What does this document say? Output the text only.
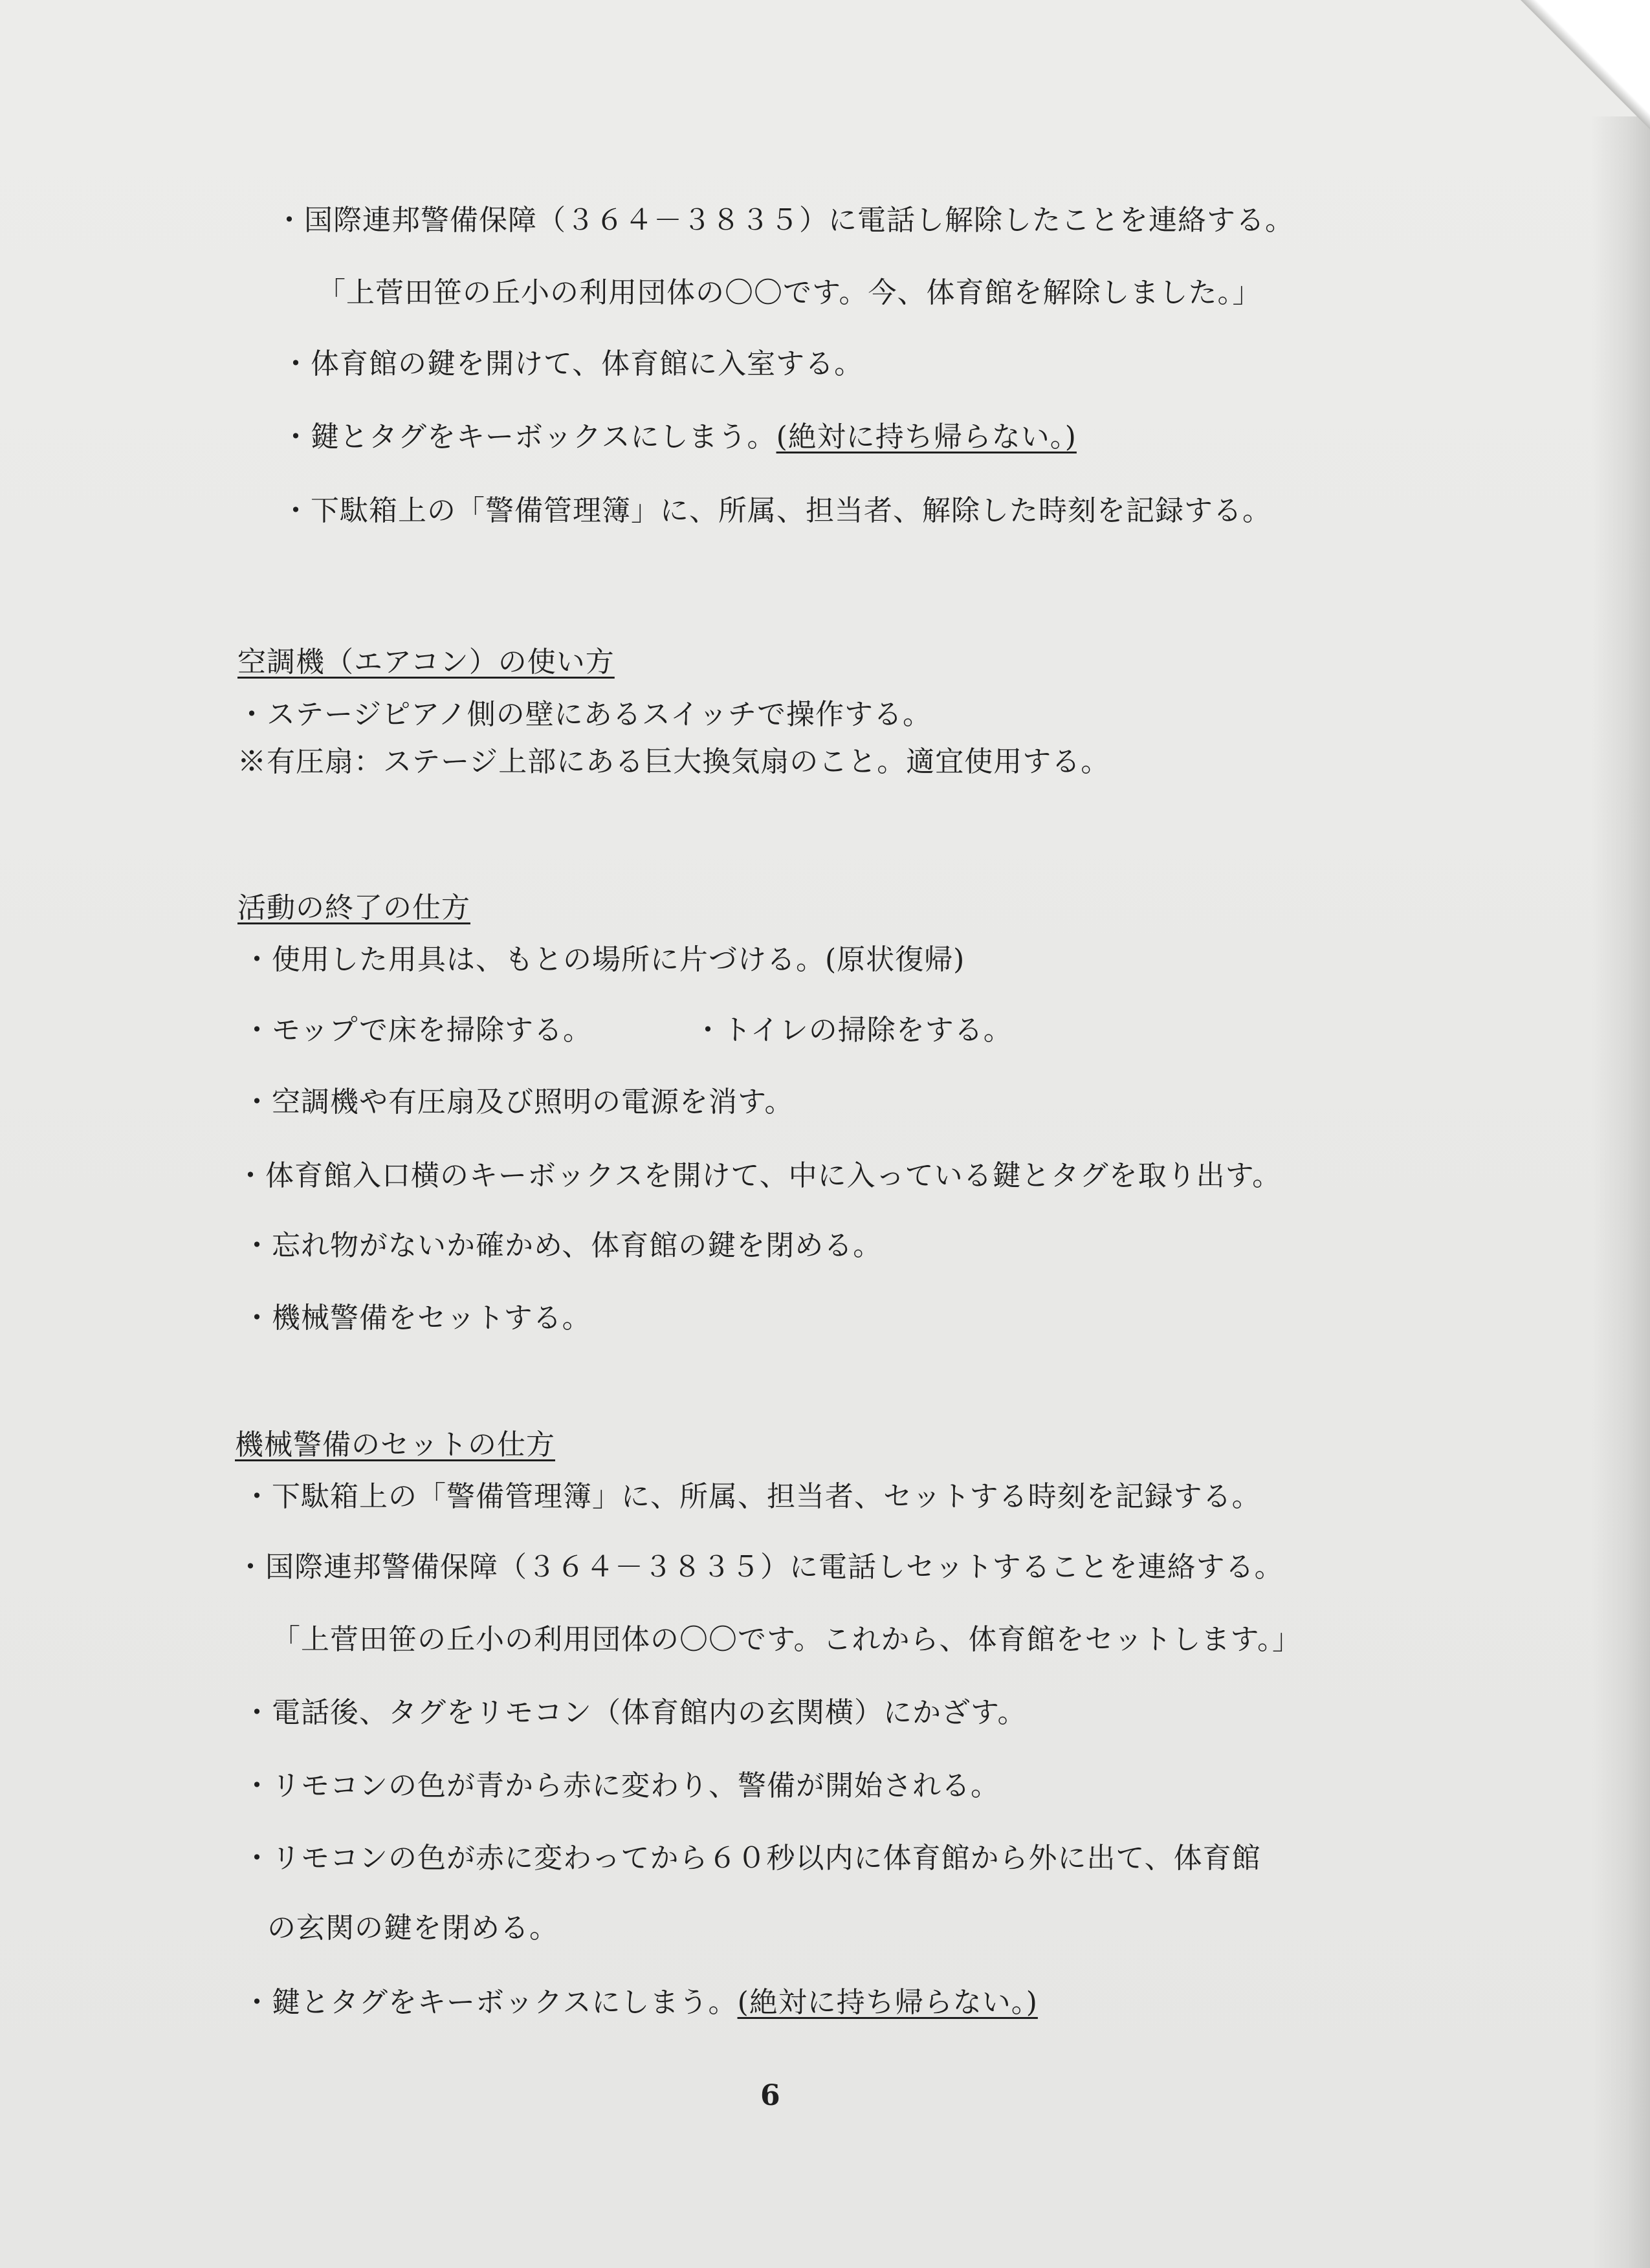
・国際連邦警備保障（３６４－３８３５）に電話し解除したことを連絡する。
「上菅田笹の丘小の利用団体の〇〇です。今、体育館を解除しました。」
・体育館の鍵を開けて、体育館に入室する。
・鍵とタグをキーボックスにしまう。(絶対に持ち帰らない。)
・下駄箱上の「警備管理簿」に、所属、担当者、解除した時刻を記録する。
空調機（エアコン）の使い方
・ステージピアノ側の壁にあるスイッチで操作する。
※有圧扇：ステージ上部にある巨大換気扇のこと。適宜使用する。
活動の終了の仕方
・使用した用具は、もとの場所に片づける。(原状復帰)
・モップで床を掃除する。	・トイレの掃除をする。
・空調機や有圧扇及び照明の電源を消す。
・体育館入口横のキーボックスを開けて、中に入っている鍵とタグを取り出す。
・忘れ物がないか確かめ、体育館の鍵を閉める。
・機械警備をセットする。
機械警備のセットの仕方
・下駄箱上の「警備管理簿」に、所属、担当者、セットする時刻を記録する。
・国際連邦警備保障（３６４－３８３５）に電話しセットすることを連絡する。
「上菅田笹の丘小の利用団体の〇〇です。これから、体育館をセットします。」
・電話後、タグをリモコン（体育館内の玄関横）にかざす。
・リモコンの色が青から赤に変わり、警備が開始される。
・リモコンの色が赤に変わってから６０秒以内に体育館から外に出て、体育館
の玄関の鍵を閉める。
・鍵とタグをキーボックスにしまう。(絶対に持ち帰らない。)
6
